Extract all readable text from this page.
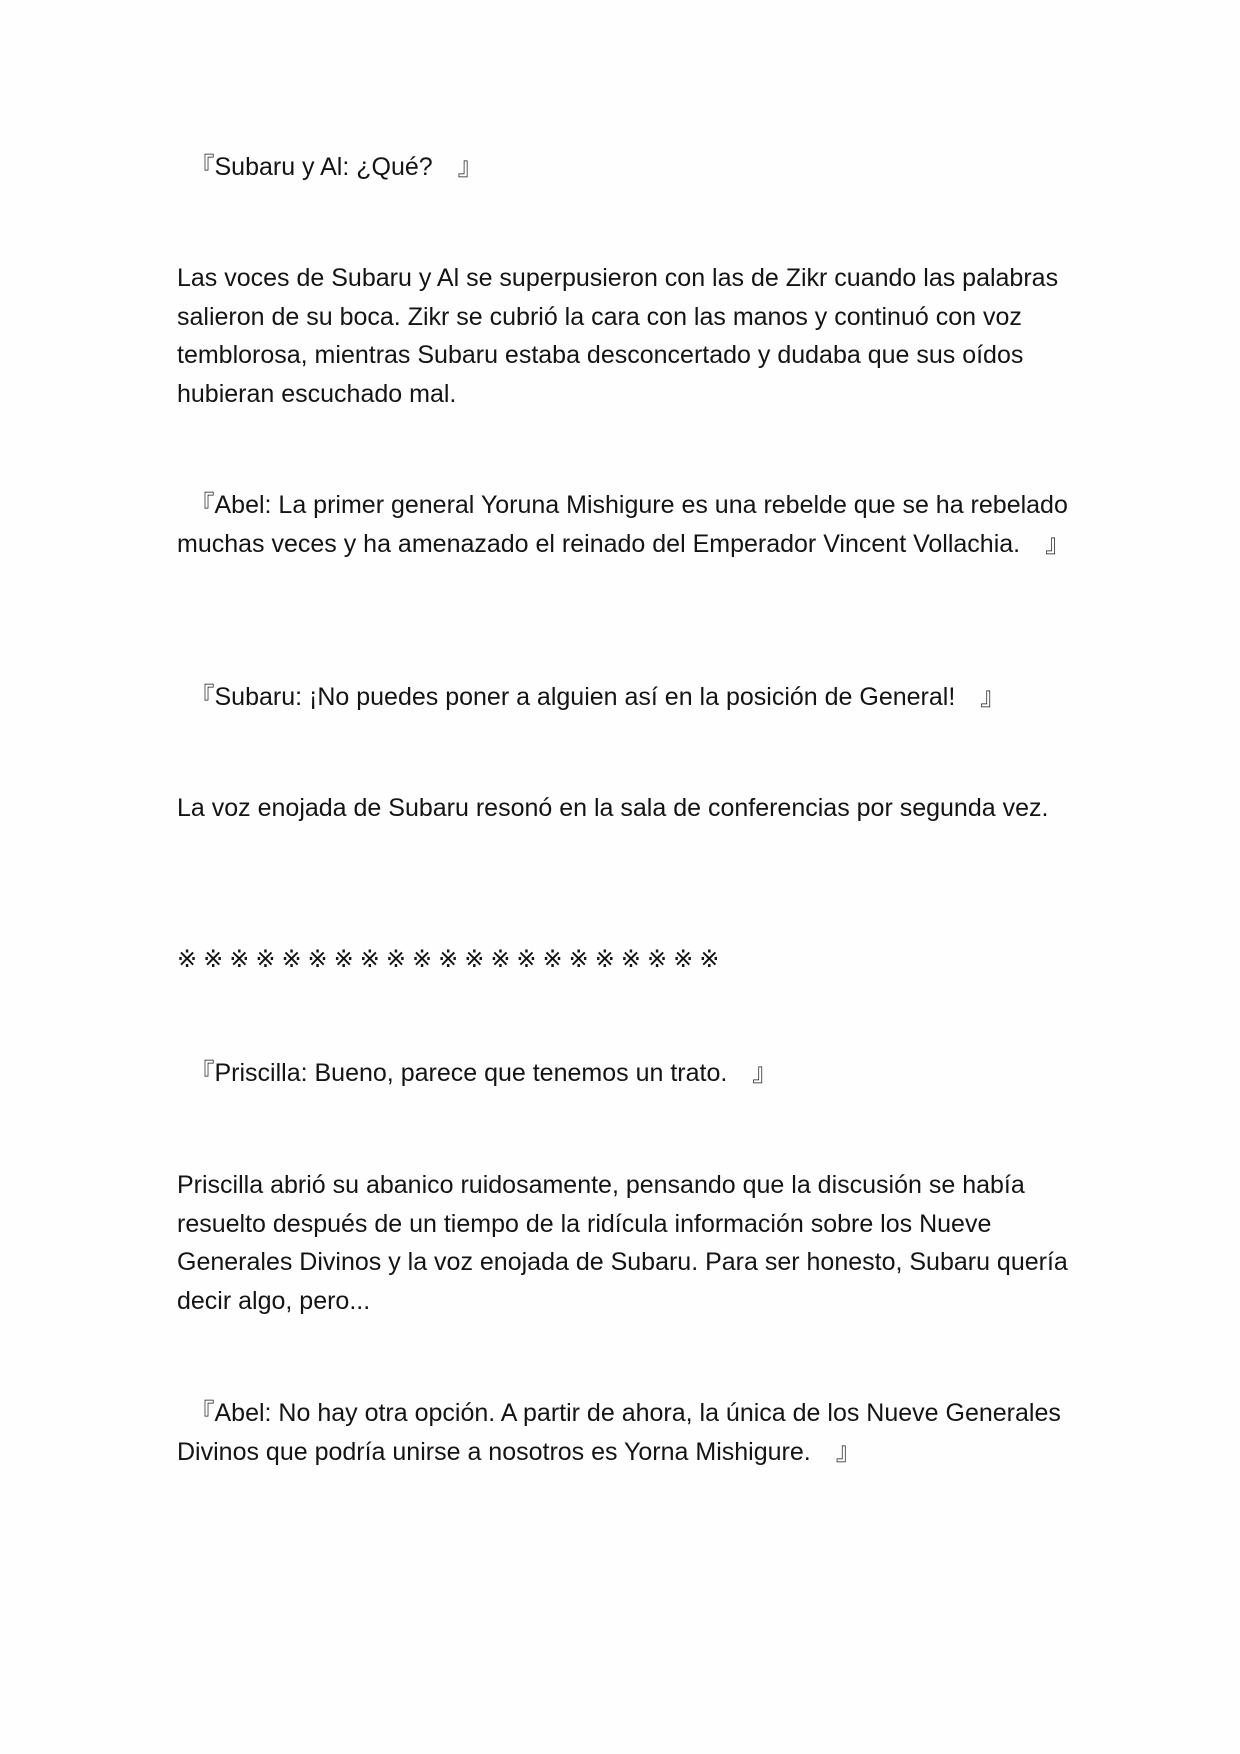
　『Subaru y Al: ¿Qué?　』

Las voces de Subaru y Al se superpusieron con las de Zikr cuando las palabras salieron de su boca. Zikr se cubrió la cara con las manos y continuó con voz temblorosa, mientras Subaru estaba desconcertado y dudaba que sus oídos hubieran escuchado mal.

　『Abel: La primer general Yoruna Mishigure es una rebelde que se ha rebelado muchas veces y ha amenazado el reinado del Emperador Vincent Vollachia.　』

　『Subaru: ¡No puedes poner a alguien así en la posición de General!　』

La voz enojada de Subaru resonó en la sala de conferencias por segunda vez.

※※※※※※※※※※※※※※※※※※※※※

　『Priscilla: Bueno, parece que tenemos un trato.　』

Priscilla abrió su abanico ruidosamente, pensando que la discusión se había resuelto después de un tiempo de la ridícula información sobre los Nueve Generales Divinos y la voz enojada de Subaru. Para ser honesto, Subaru quería decir algo, pero...

　『Abel: No hay otra opción. A partir de ahora, la única de los Nueve Generales Divinos que podría unirse a nosotros es Yorna Mishigure.　』
